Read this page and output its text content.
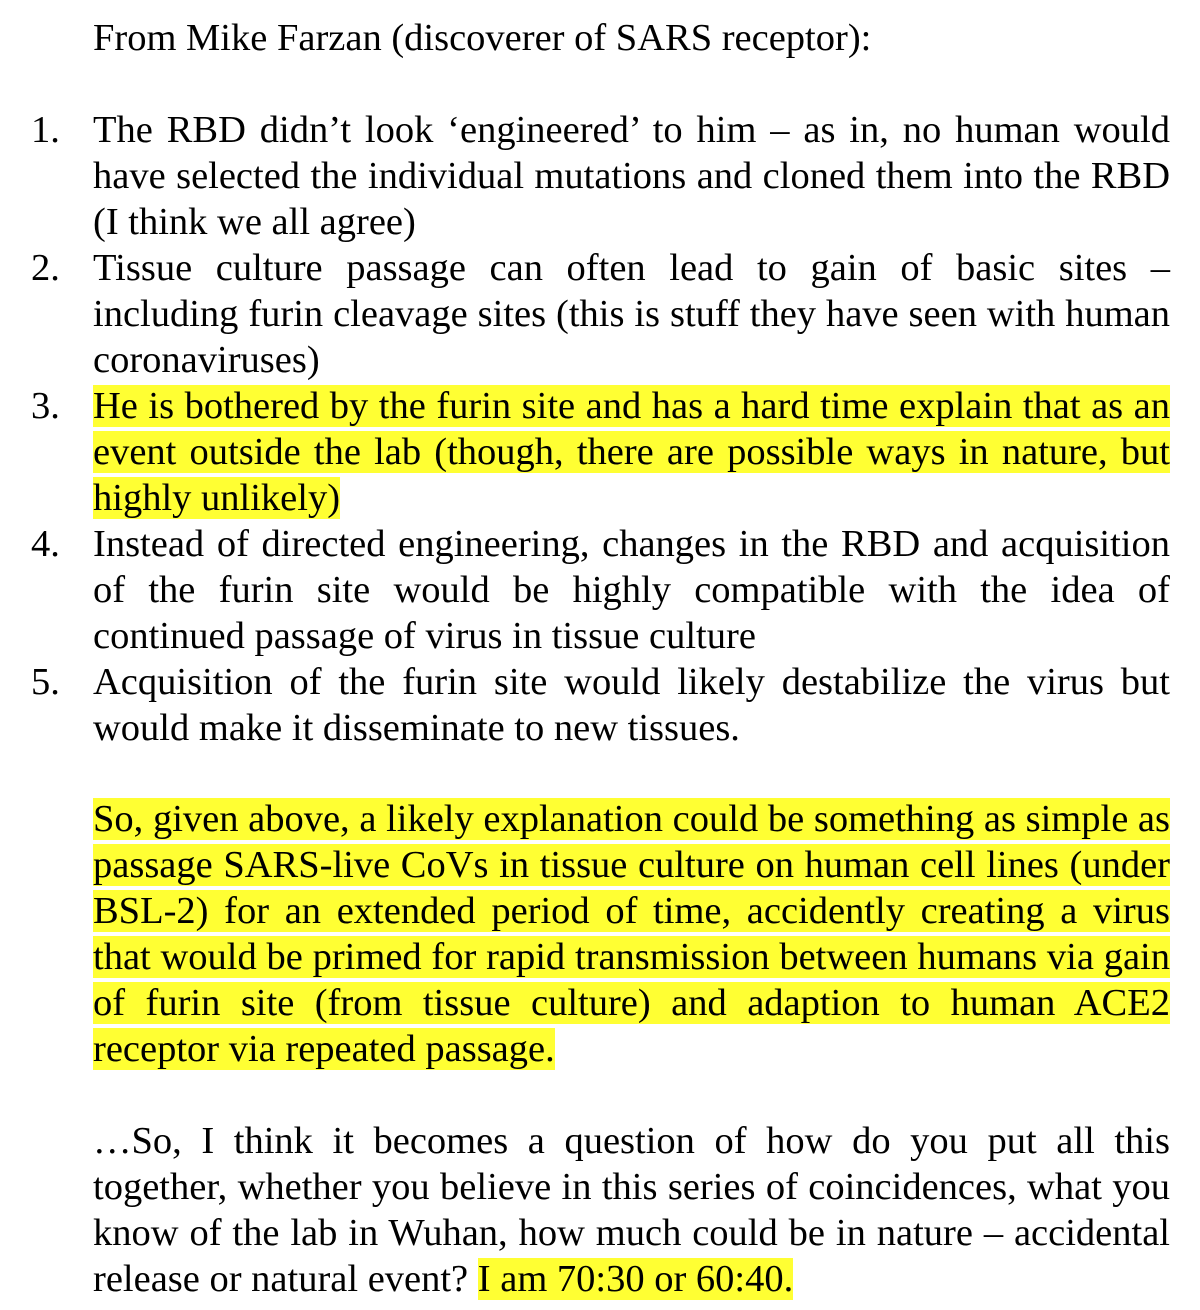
From Mike Farzan (discoverer of SARS receptor):

1. The RBD didn’t look ‘engineered’ to him – as in, no human would have selected the individual mutations and cloned them into the RBD (I think we all agree)
2. Tissue culture passage can often lead to gain of basic sites – including furin cleavage sites (this is stuff they have seen with human coronaviruses)
3. He is bothered by the furin site and has a hard time explain that as an event outside the lab (though, there are possible ways in nature, but highly unlikely)
4. Instead of directed engineering, changes in the RBD and acquisition of the furin site would be highly compatible with the idea of continued passage of virus in tissue culture
5. Acquisition of the furin site would likely destabilize the virus but would make it disseminate to new tissues.

So, given above, a likely explanation could be something as simple as passage SARS-live CoVs in tissue culture on human cell lines (under BSL-2) for an extended period of time, accidently creating a virus that would be primed for rapid transmission between humans via gain of furin site (from tissue culture) and adaption to human ACE2 receptor via repeated passage.

…So, I think it becomes a question of how do you put all this together, whether you believe in this series of coincidences, what you know of the lab in Wuhan, how much could be in nature – accidental release or natural event? I am 70:30 or 60:40.
